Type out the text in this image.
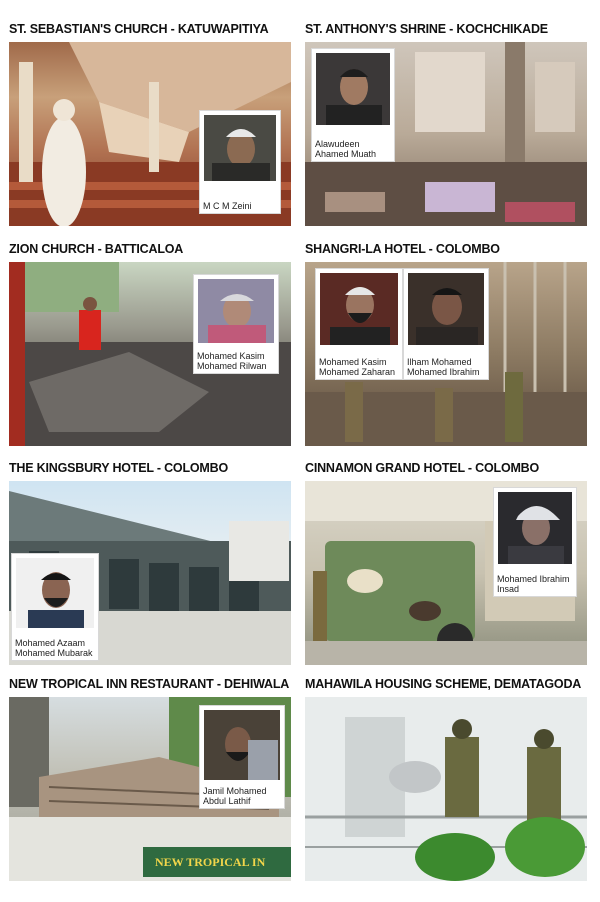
ST. SEBASTIAN'S CHURCH - KATUWAPITIYA
M C M Zeini
ST. ANTHONY'S SHRINE - KOCHCHIKADE
Alawudeen
Ahamed Muath
ZION CHURCH - BATTICALOA
Mohamed Kasim
Mohamed Rilwan
SHANGRI-LA HOTEL - COLOMBO
Mohamed Kasim
Mohamed Zaharan
Ilham Mohamed
Mohamed Ibrahim
THE KINGSBURY HOTEL - COLOMBO
Mohamed Azaam
Mohamed Mubarak
CINNAMON GRAND HOTEL - COLOMBO
Mohamed Ibrahim
Insad
NEW TROPICAL INN RESTAURANT - DEHIWALA
NEW TROPICAL IN
Jamil Mohamed
Abdul Lathif
MAHAWILA HOUSING SCHEME, DEMATAGODA
